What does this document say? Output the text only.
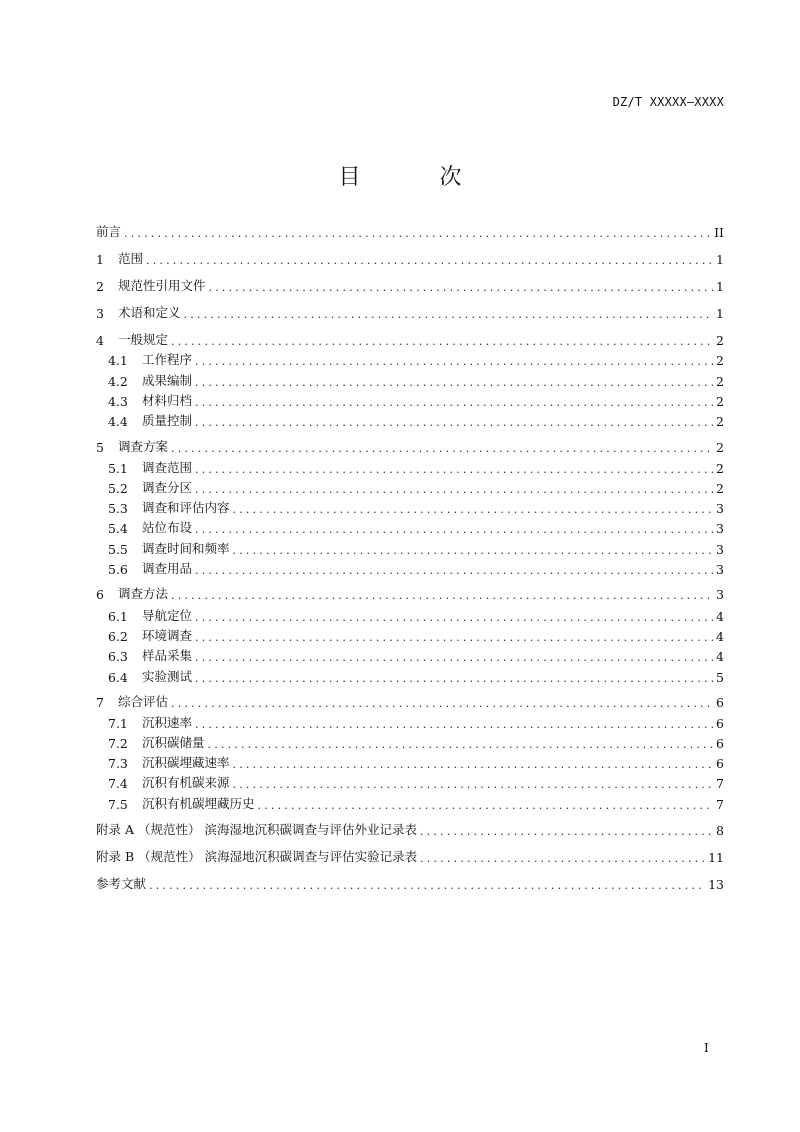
DZ/T XXXXX—XXXX
目 次
前言 .....	II
1	范围 .....	1
2	规范性引用文件 .....	1
3	术语和定义 .....	1
4	一般规定 .....	2
4.1	工作程序 .....	2
4.2	成果编制 .....	2
4.3	材料归档 .....	2
4.4	质量控制 .....	2
5	调查方案 .....	2
5.1	调查范围 .....	2
5.2	调查分区 .....	2
5.3	调查和评估内容 .....	3
5.4	站位布设 .....	3
5.5	调查时间和频率 .....	3
5.6	调查用品 .....	3
6	调查方法 .....	3
6.1	导航定位 .....	4
6.2	环境调查 .....	4
6.3	样品采集 .....	4
6.4	实验测试 .....	5
7	综合评估 .....	6
7.1	沉积速率 .....	6
7.2	沉积碳储量 .....	6
7.3	沉积碳埋藏速率 .....	6
7.4	沉积有机碳来源 .....	7
7.5	沉积有机碳埋藏历史 .....	7
附录 A （规范性） 滨海湿地沉积碳调查与评估外业记录表 .....	8
附录 B （规范性） 滨海湿地沉积碳调查与评估实验记录表 .....	11
参考文献 .....	13
I
